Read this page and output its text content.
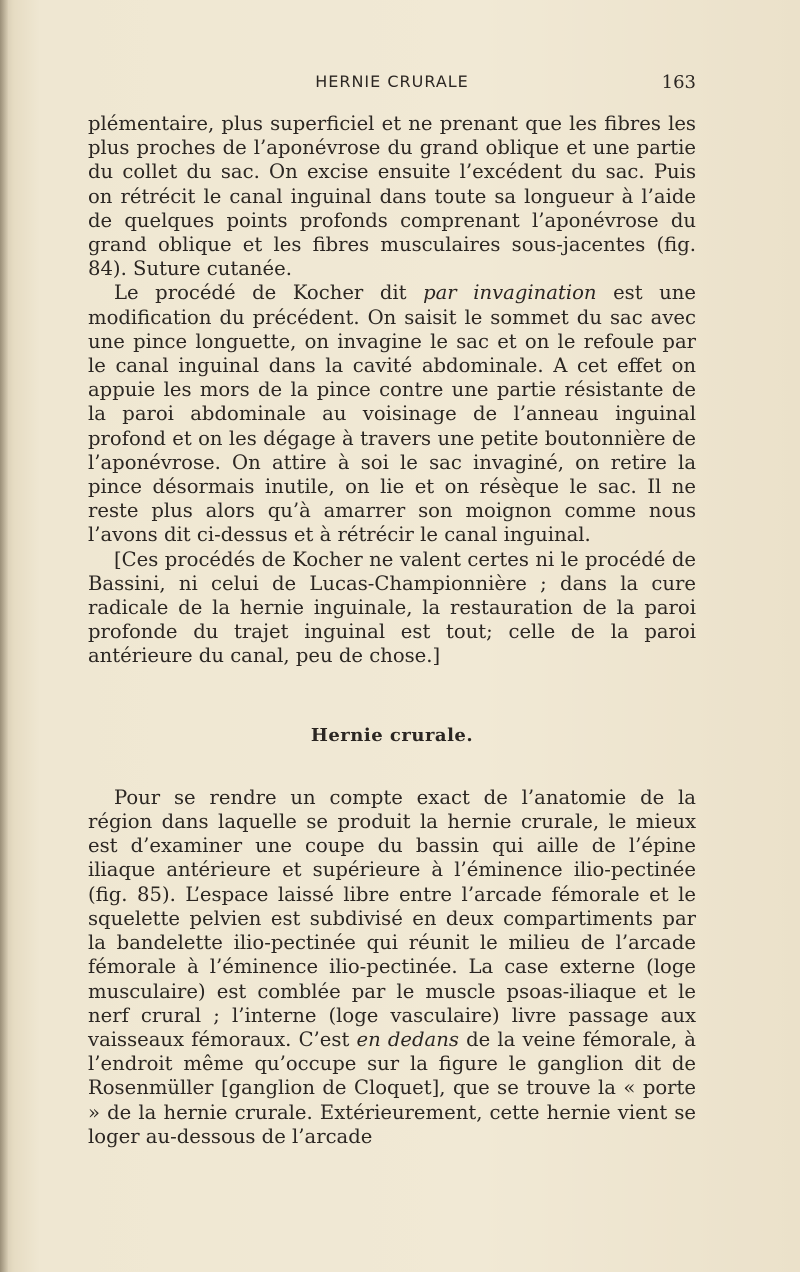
HERNIE CRURALE	163

plémentaire, plus superficiel et ne prenant que les fibres les plus proches de l’aponévrose du grand oblique et une partie du collet du sac. On excise ensuite l’excédent du sac. Puis on rétrécit le canal inguinal dans toute sa longueur à l’aide de quelques points profonds comprenant l’aponévrose du grand oblique et les fibres musculaires sous-jacentes (fig. 84). Suture cutanée.

Le procédé de Kocher dit par invagination est une modification du précédent. On saisit le sommet du sac avec une pince longuette, on invagine le sac et on le refoule par le canal inguinal dans la cavité abdominale. A cet effet on appuie les mors de la pince contre une partie résistante de la paroi abdominale au voisinage de l’anneau inguinal profond et on les dégage à travers une petite boutonnière de l’aponévrose. On attire à soi le sac invaginé, on retire la pince désormais inutile, on lie et on résèque le sac. Il ne reste plus alors qu’à amarrer son moignon comme nous l’avons dit ci-dessus et à rétrécir le canal inguinal.

[Ces procédés de Kocher ne valent certes ni le procédé de Bassini, ni celui de Lucas-Championnière ; dans la cure radicale de la hernie inguinale, la restauration de la paroi profonde du trajet inguinal est tout; celle de la paroi antérieure du canal, peu de chose.]

Hernie crurale.

Pour se rendre un compte exact de l’anatomie de la région dans laquelle se produit la hernie crurale, le mieux est d’examiner une coupe du bassin qui aille de l’épine iliaque antérieure et supérieure à l’éminence ilio-pectinée (fig. 85). L’espace laissé libre entre l’arcade fémorale et le squelette pelvien est subdivisé en deux compartiments par la bandelette ilio-pectinée qui réunit le milieu de l’arcade fémorale à l’éminence ilio-pectinée. La case externe (loge musculaire) est comblée par le muscle psoas-iliaque et le nerf crural ; l’interne (loge vasculaire) livre passage aux vaisseaux fémoraux. C’est en dedans de la veine fémorale, à l’endroit même qu’occupe sur la figure le ganglion dit de Rosenmüller [ganglion de Cloquet], que se trouve la « porte » de la hernie crurale. Extérieurement, cette hernie vient se loger au-dessous de l’arcade
